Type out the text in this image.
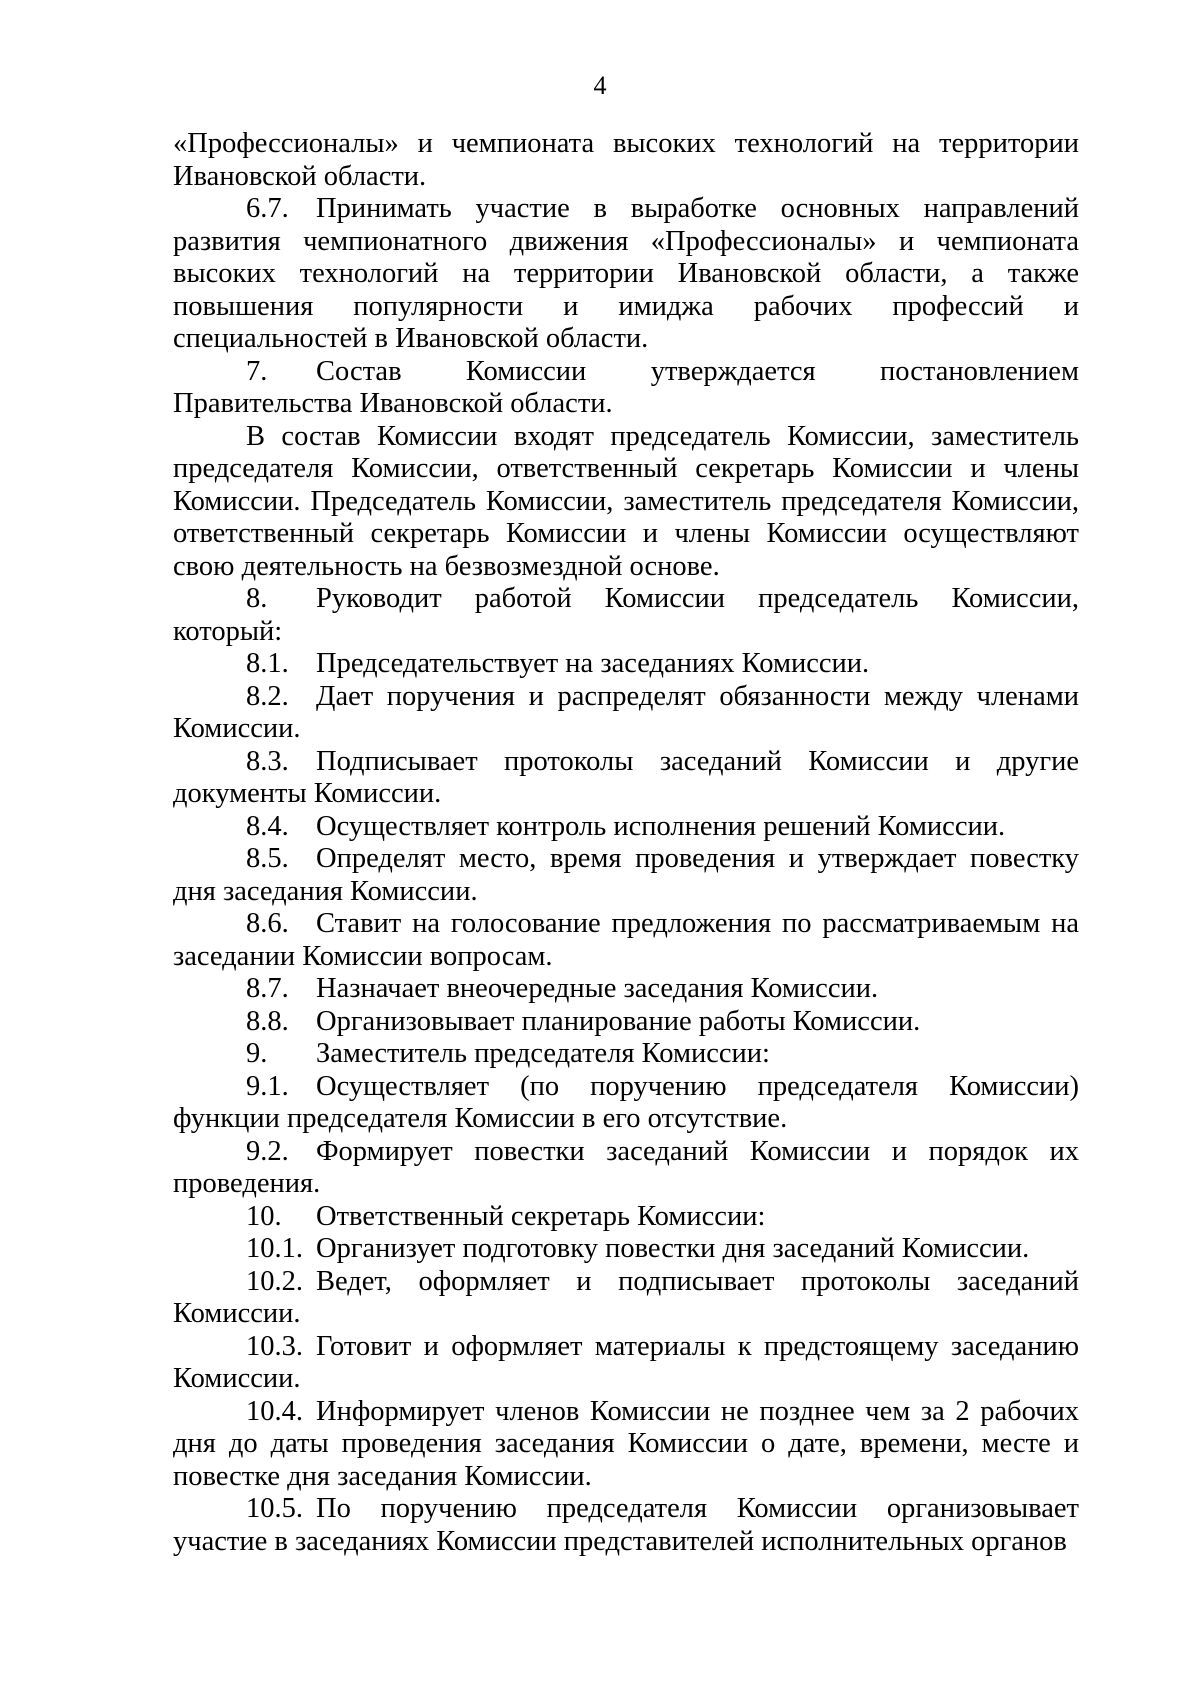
4

«Профессионалы» и чемпионата высоких технологий на территории Ивановской области.

6.7. Принимать участие в выработке основных направлений развития чемпионатного движения «Профессионалы» и чемпионата высоких технологий на территории Ивановской области, а также повышения популярности и имиджа рабочих профессий и специальностей в Ивановской области.

7. Состав Комиссии утверждается постановлением Правительства Ивановской области.

В состав Комиссии входят председатель Комиссии, заместитель председателя Комиссии, ответственный секретарь Комиссии и члены Комиссии. Председатель Комиссии, заместитель председателя Комиссии, ответственный секретарь Комиссии и члены Комиссии осуществляют свою деятельность на безвозмездной основе.

8. Руководит работой Комиссии председатель Комиссии, который:

8.1. Председательствует на заседаниях Комиссии.

8.2. Дает поручения и распределят обязанности между членами Комиссии.

8.3. Подписывает протоколы заседаний Комиссии и другие документы Комиссии.

8.4. Осуществляет контроль исполнения решений Комиссии.

8.5. Определят место, время проведения и утверждает повестку дня заседания Комиссии.

8.6. Ставит на голосование предложения по рассматриваемым на заседании Комиссии вопросам.

8.7. Назначает внеочередные заседания Комиссии.

8.8. Организовывает планирование работы Комиссии.

9. Заместитель председателя Комиссии:

9.1. Осуществляет (по поручению председателя Комиссии) функции председателя Комиссии в его отсутствие.

9.2. Формирует повестки заседаний Комиссии и порядок их проведения.

10. Ответственный секретарь Комиссии:

10.1. Организует подготовку повестки дня заседаний Комиссии.

10.2. Ведет, оформляет и подписывает протоколы заседаний Комиссии.

10.3. Готовит и оформляет материалы к предстоящему заседанию Комиссии.

10.4. Информирует членов Комиссии не позднее чем за 2 рабочих дня до даты проведения заседания Комиссии о дате, времени, месте и повестке дня заседания Комиссии.

10.5. По поручению председателя Комиссии организовывает участие в заседаниях Комиссии представителей исполнительных органов
